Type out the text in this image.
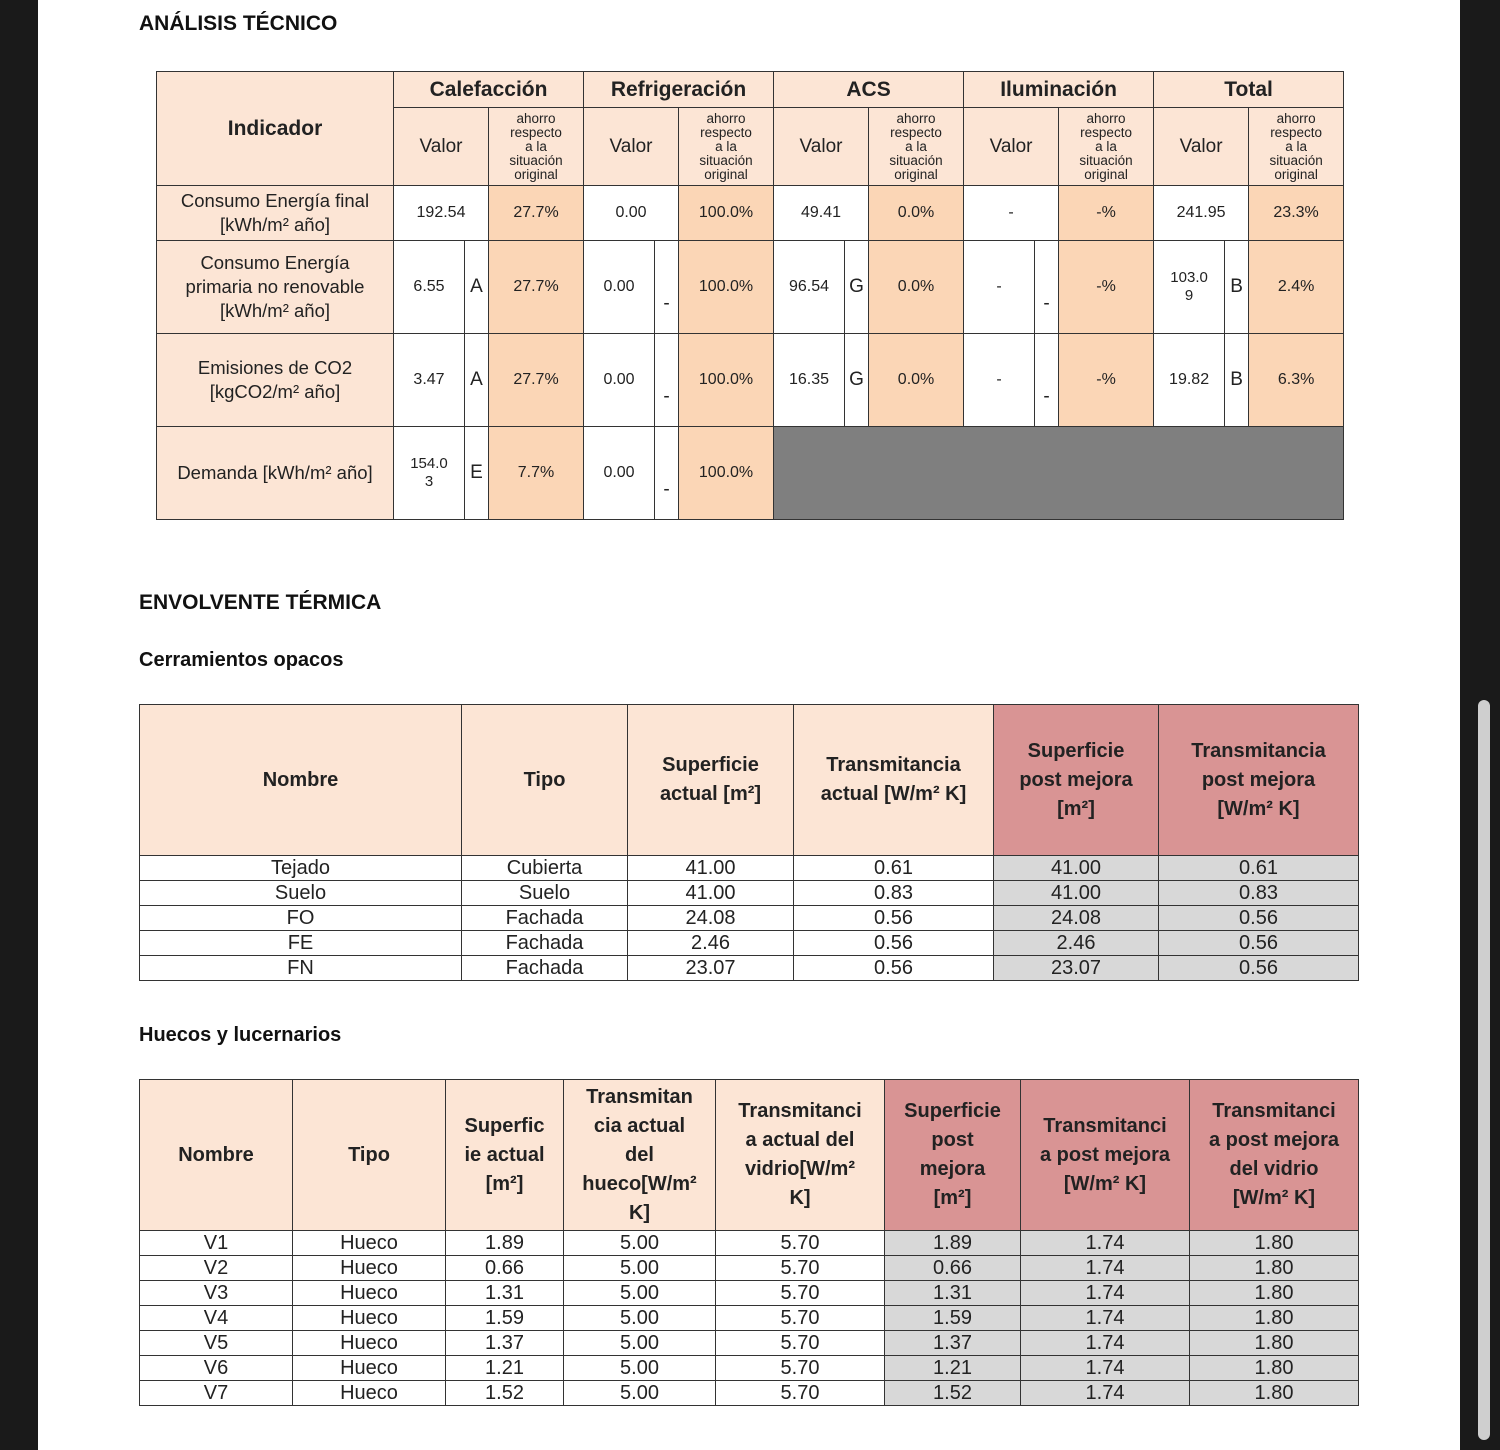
ANÁLISIS TÉCNICO
Indicador	Calefacción			Refrigeración			ACS			Iluminación			Total		
	Valor		ahorro
respecto
a la
situación
original	Valor		ahorro
respecto
a la
situación
original	Valor		ahorro
respecto
a la
situación
original	Valor		ahorro
respecto
a la
situación
original	Valor		ahorro
respecto
a la
situación
original
Consumo Energía final
[kWh/m² año]	192.54		27.7%	0.00		100.0%	49.41		0.0%	-		-%	241.95		23.3%
Consumo Energía
primaria no renovable
[kWh/m² año]	6.55	A	27.7%	0.00	-	100.0%	96.54	G	0.0%	-	-	-%	103.0
9	B	2.4%
Emisiones de CO2
[kgCO2/m² año]	3.47	A	27.7%	0.00	-	100.0%	16.35	G	0.0%	-	-	-%	19.82	B	6.3%
Demanda [kWh/m² año]	154.0
3	E	7.7%	0.00	-	100.0%									
ENVOLVENTE TÉRMICA
Cerramientos opacos
Nombre	Tipo	Superficie
actual [m²]	Transmitancia
actual [W/m² K]	Superficie
post mejora
[m²]	Transmitancia
post mejora
[W/m² K]
Tejado	Cubierta	41.00	0.61	41.00	0.61
Suelo	Suelo	41.00	0.83	41.00	0.83
FO	Fachada	24.08	0.56	24.08	0.56
FE	Fachada	2.46	0.56	2.46	0.56
FN	Fachada	23.07	0.56	23.07	0.56
Huecos y lucernarios
Nombre	Tipo	Superfic
ie actual
[m²]	Transmitan
cia actual
del
hueco[W/m²
K]	Transmitanci
a actual del
vidrio[W/m²
K]	Superficie
post
mejora
[m²]	Transmitanci
a post mejora
[W/m² K]	Transmitanci
a post mejora
del vidrio
[W/m² K]
V1	Hueco	1.89	5.00	5.70	1.89	1.74	1.80
V2	Hueco	0.66	5.00	5.70	0.66	1.74	1.80
V3	Hueco	1.31	5.00	5.70	1.31	1.74	1.80
V4	Hueco	1.59	5.00	5.70	1.59	1.74	1.80
V5	Hueco	1.37	5.00	5.70	1.37	1.74	1.80
V6	Hueco	1.21	5.00	5.70	1.21	1.74	1.80
V7	Hueco	1.52	5.00	5.70	1.52	1.74	1.80
